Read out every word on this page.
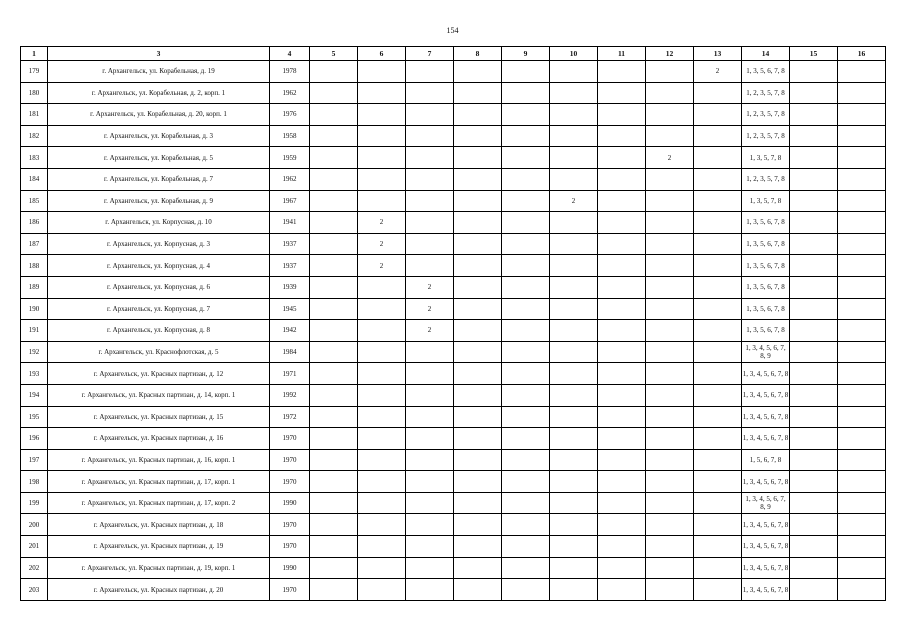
154
1	3	4	5	6	7	8	9	10	11	12	13	14	15	16
179	г. Архангельск, ул. Корабельная, д. 19	1978									2	1, 3, 5, 6, 7, 8		
180	г. Архангельск, ул. Корабельная, д. 2, корп. 1	1962										1, 2, 3, 5, 7, 8		
181	г. Архангельск, ул. Корабельная, д. 20, корп. 1	1976										1, 2, 3, 5, 7, 8		
182	г. Архангельск, ул. Корабельная, д. 3	1958										1, 2, 3, 5, 7, 8		
183	г. Архангельск, ул. Корабельная, д. 5	1959								2		1, 3, 5, 7, 8		
184	г. Архангельск, ул. Корабельная, д. 7	1962										1, 2, 3, 5, 7, 8		
185	г. Архангельск, ул. Корабельная, д. 9	1967						2				1, 3, 5, 7, 8		
186	г. Архангельск, ул. Корпусная, д. 10	1941		2								1, 3, 5, 6, 7, 8		
187	г. Архангельск, ул. Корпусная, д. 3	1937		2								1, 3, 5, 6, 7, 8		
188	г. Архангельск, ул. Корпусная, д. 4	1937		2								1, 3, 5, 6, 7, 8		
189	г. Архангельск, ул. Корпусная, д. 6	1939			2							1, 3, 5, 6, 7, 8		
190	г. Архангельск, ул. Корпусная, д. 7	1945			2							1, 3, 5, 6, 7, 8		
191	г. Архангельск, ул. Корпусная, д. 8	1942			2							1, 3, 5, 6, 7, 8		
192	г. Архангельск, ул. Краснофлотская, д. 5	1984										1, 3, 4, 5, 6, 7, 8, 9		
193	г. Архангельск, ул. Красных партизан, д. 12	1971										1, 3, 4, 5, 6, 7, 8		
194	г. Архангельск, ул. Красных партизан, д. 14, корп. 1	1992										1, 3, 4, 5, 6, 7, 8		
195	г. Архангельск, ул. Красных партизан, д. 15	1972										1, 3, 4, 5, 6, 7, 8		
196	г. Архангельск, ул. Красных партизан, д. 16	1970										1, 3, 4, 5, 6, 7, 8		
197	г. Архангельск, ул. Красных партизан, д. 16, корп. 1	1970										1, 5, 6, 7, 8		
198	г. Архангельск, ул. Красных партизан, д. 17, корп. 1	1970										1, 3, 4, 5, 6, 7, 8		
199	г. Архангельск, ул. Красных партизан, д. 17, корп. 2	1990										1, 3, 4, 5, 6, 7, 8, 9		
200	г. Архангельск, ул. Красных партизан, д. 18	1970										1, 3, 4, 5, 6, 7, 8		
201	г. Архангельск, ул. Красных партизан, д. 19	1970										1, 3, 4, 5, 6, 7, 8		
202	г. Архангельск, ул. Красных партизан, д. 19, корп. 1	1990										1, 3, 4, 5, 6, 7, 8		
203	г. Архангельск, ул. Красных партизан, д. 20	1970										1, 3, 4, 5, 6, 7, 8		
